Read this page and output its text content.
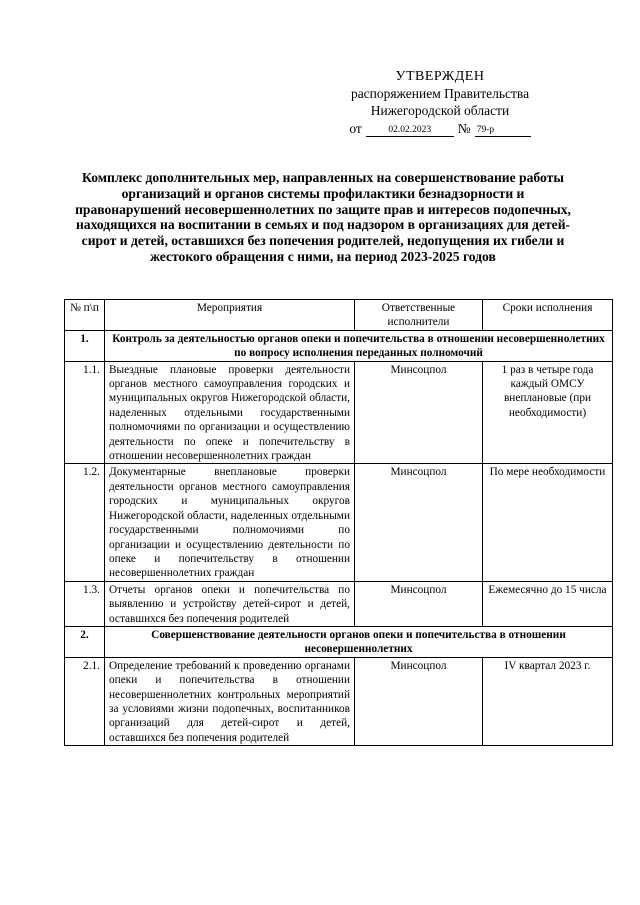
УТВЕРЖДЕН
распоряжением Правительства
Нижегородской области
от	02.02.2023	№ 79-р
Комплекс дополнительных мер, направленных на совершенствование работы организаций и органов системы профилактики безнадзорности и правонарушений несовершеннолетних по защите прав и интересов подопечных, находящихся на воспитании в семьях и под надзором в организациях для детей-сирот и детей, оставшихся без попечения родителей, недопущения их гибели и жестокого обращения с ними, на период 2023-2025 годов
№ п\п	Мероприятия	Ответственные исполнители	Сроки исполнения
1.	Контроль за деятельностью органов опеки и попечительства в отношении несовершеннолетних по вопросу исполнения переданных полномочий		
1.1.	Выездные плановые проверки деятельности органов местного самоуправления городских и муниципальных округов Нижегородской области, наделенных отдельными государственными полномочиями по организации и осуществлению деятельности по опеке и попечительству в отношении несовершеннолетних граждан	Минсоцпол	1 раз в четыре года каждый ОМСУ внеплановые (при необходимости)
1.2.	Документарные внеплановые проверки деятельности органов местного самоуправления городских и муниципальных округов Нижегородской области, наделенных отдельными государственными полномочиями по организации и осуществлению деятельности по опеке и попечительству в отношении несовершеннолетних граждан	Минсоцпол	По мере необходимости
1.3.	Отчеты органов опеки и попечительства по выявлению и устройству детей-сирот и детей, оставшихся без попечения родителей	Минсоцпол	Ежемесячно до 15 числа
2.	Совершенствование деятельности органов опеки и попечительства в отношении несовершеннолетних		
2.1.	Определение требований к проведению органами опеки и попечительства в отношении несовершеннолетних контрольных мероприятий за условиями жизни подопечных, воспитанников организаций для детей-сирот и детей, оставшихся без попечения родителей	Минсоцпол	IV квартал 2023 г.
